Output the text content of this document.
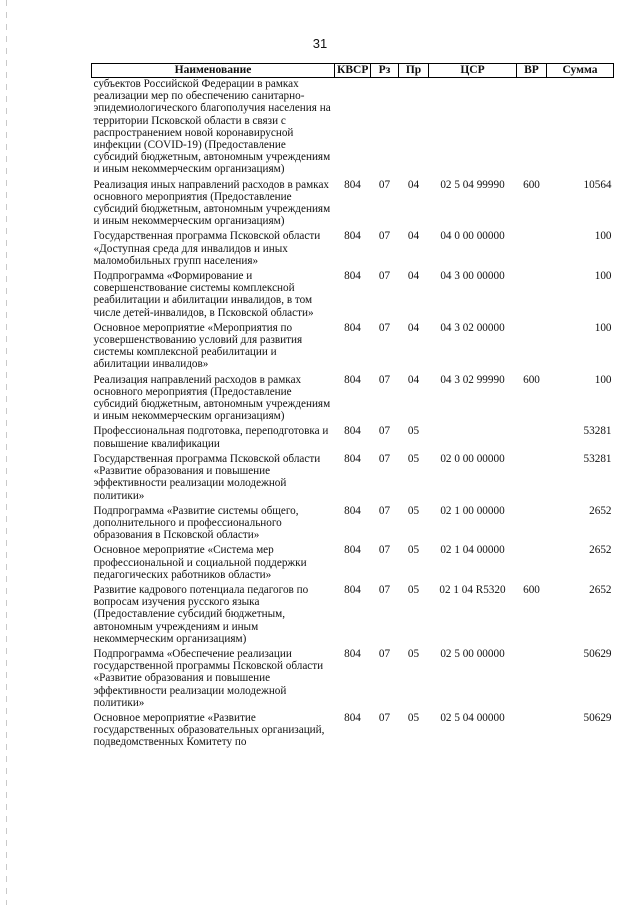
31
Наименование	КВСР	Рз	Пр	ЦСР	ВР	Сумма
субъектов Российской Федерации в рамках реализации мер по обеспечению санитарно-эпидемиологического благополучия населения на территории Псковской области в связи с распространением новой коронавирусной инфекции (COVID-19) (Предоставление субсидий бюджетным, автономным учреждениям и иным некоммерческим организациям)						
Реализация иных направлений расходов в рамках основного мероприятия (Предоставление субсидий бюджетным, автономным учреждениям и иным некоммерческим организациям)	804	07	04	02 5 04 99990	600	10564
Государственная программа Псковской области «Доступная среда для инвалидов и иных маломобильных групп населения»	804	07	04	04 0 00 00000		100
Подпрограмма «Формирование и совершенствование системы комплексной реабилитации и абилитации инвалидов, в том числе детей-инвалидов, в Псковской области»	804	07	04	04 3 00 00000		100
Основное мероприятие «Мероприятия по усовершенствованию условий для развития системы комплексной реабилитации и абилитации инвалидов»	804	07	04	04 3 02 00000		100
Реализация направлений расходов в рамках основного мероприятия (Предоставление субсидий бюджетным, автономным учреждениям и иным некоммерческим организациям)	804	07	04	04 3 02 99990	600	100
Профессиональная подготовка, переподготовка и повышение квалификации	804	07	05			53281
Государственная программа Псковской области «Развитие образования и повышение эффективности реализации молодежной политики»	804	07	05	02 0 00 00000		53281
Подпрограмма «Развитие системы общего, дополнительного и профессионального образования в Псковской области»	804	07	05	02 1 00 00000		2652
Основное мероприятие «Система мер профессиональной и социальной поддержки педагогических работников области»	804	07	05	02 1 04 00000		2652
Развитие кадрового потенциала педагогов по вопросам изучения русского языка (Предоставление субсидий бюджетным, автономным учреждениям и иным некоммерческим организациям)	804	07	05	02 1 04 R5320	600	2652
Подпрограмма «Обеспечение реализации государственной программы Псковской области «Развитие образования и повышение эффективности реализации молодежной политики»	804	07	05	02 5 00 00000		50629
Основное мероприятие «Развитие государственных образовательных организаций, подведомственных Комитету по	804	07	05	02 5 04 00000		50629
